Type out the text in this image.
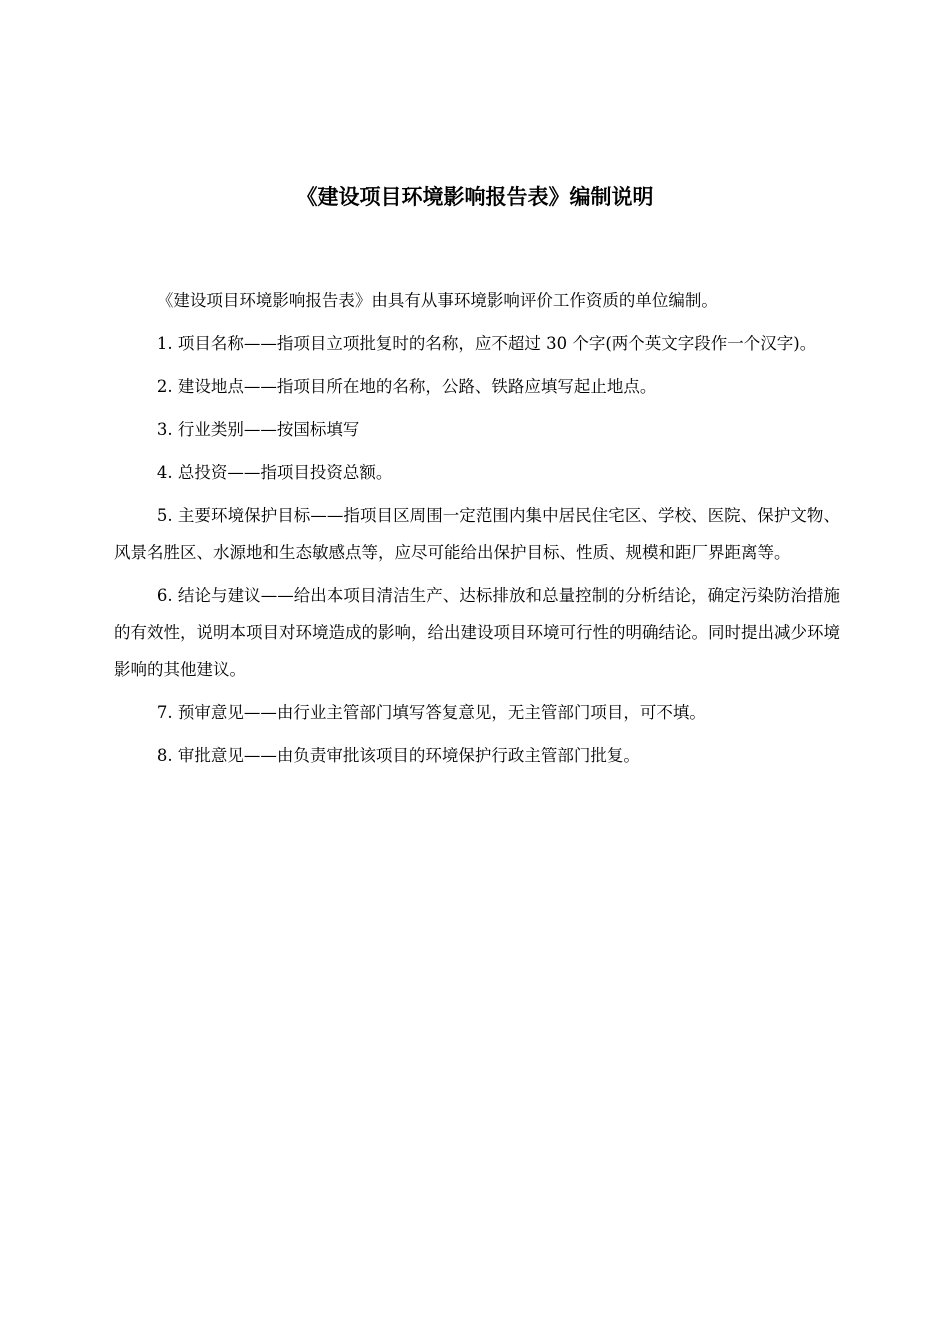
《建设项目环境影响报告表》编制说明

《建设项目环境影响报告表》由具有从事环境影响评价工作资质的单位编制。

1. 项目名称——指项目立项批复时的名称，应不超过 30 个字(两个英文字段作一个汉字)。

2. 建设地点——指项目所在地的名称，公路、铁路应填写起止地点。

3. 行业类别——按国标填写

4. 总投资——指项目投资总额。

5. 主要环境保护目标——指项目区周围一定范围内集中居民住宅区、学校、医院、保护文物、风景名胜区、水源地和生态敏感点等，应尽可能给出保护目标、性质、规模和距厂界距离等。

6. 结论与建议——给出本项目清洁生产、达标排放和总量控制的分析结论，确定污染防治措施的有效性，说明本项目对环境造成的影响，给出建设项目环境可行性的明确结论。同时提出减少环境影响的其他建议。

7. 预审意见——由行业主管部门填写答复意见，无主管部门项目，可不填。

8. 审批意见——由负责审批该项目的环境保护行政主管部门批复。
